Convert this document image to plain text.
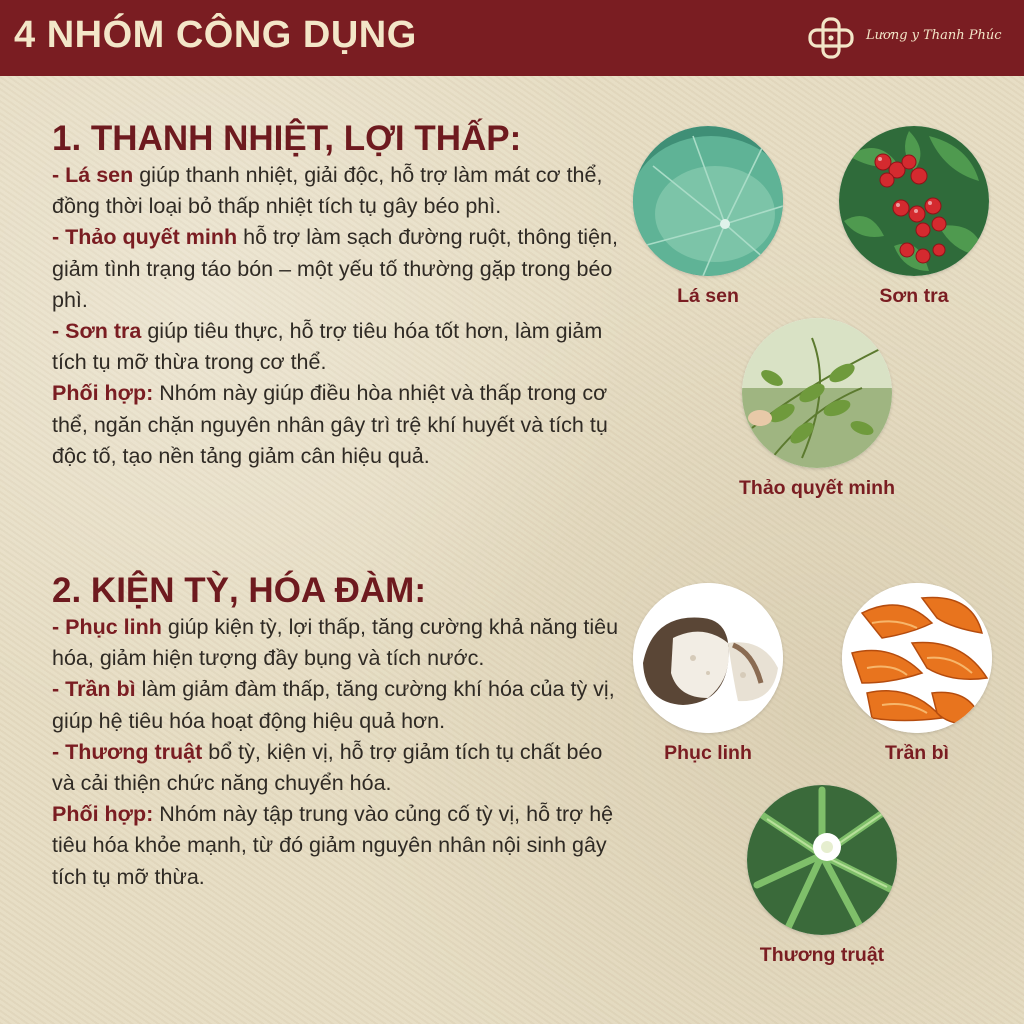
4 NHÓM CÔNG DỤNG	Lương y Thanh Phúc
1. THANH NHIỆT, LỢI THẤP:

- Lá sen giúp thanh nhiệt, giải độc, hỗ trợ làm mát cơ thể, đồng thời loại bỏ thấp nhiệt tích tụ gây béo phì.

- Thảo quyết minh hỗ trợ làm sạch đường ruột, thông tiện, giảm tình trạng táo bón – một yếu tố thường gặp trong béo phì.

- Sơn tra giúp tiêu thực, hỗ trợ tiêu hóa tốt hơn, làm giảm tích tụ mỡ thừa trong cơ thể.

Phối hợp: Nhóm này giúp điều hòa nhiệt và thấp trong cơ thể, ngăn chặn nguyên nhân gây trì trệ khí huyết và tích tụ độc tố, tạo nền tảng giảm cân hiệu quả.

2. KIỆN TỲ, HÓA ĐÀM:

- Phục linh giúp kiện tỳ, lợi thấp, tăng cường khả năng tiêu hóa, giảm hiện tượng đầy bụng và tích nước.

- Trần bì làm giảm đàm thấp, tăng cường khí hóa của tỳ vị, giúp hệ tiêu hóa hoạt động hiệu quả hơn.

- Thương truật bổ tỳ, kiện vị, hỗ trợ giảm tích tụ chất béo và cải thiện chức năng chuyển hóa.

Phối hợp: Nhóm này tập trung vào củng cố tỳ vị, hỗ trợ hệ tiêu hóa khỏe mạnh, từ đó giảm nguyên nhân nội sinh gây tích tụ mỡ thừa.

Lá sen	Sơn tra
Thảo quyết minh
Phục linh	Trần bì
Thương truật
